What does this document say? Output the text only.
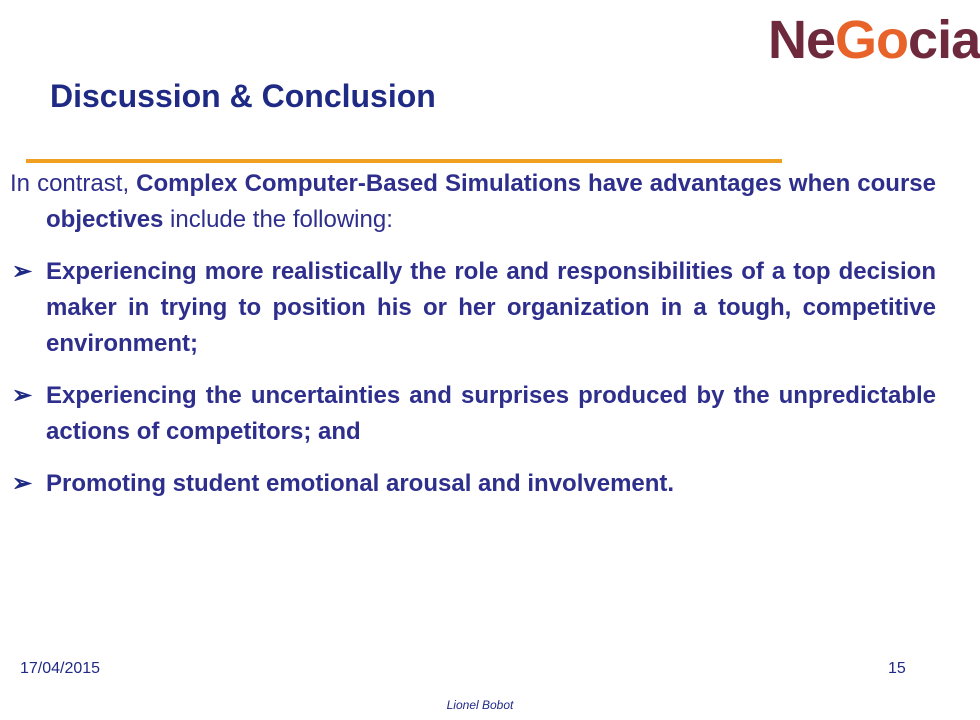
NeGocia
Discussion & Conclusion

In contrast, Complex Computer-Based Simulations have advantages when course objectives include the following:

➢ Experiencing more realistically the role and responsibilities of a top decision maker in trying to position his or her organization in a tough, competitive environment;

➢ Experiencing the uncertainties and surprises produced by the unpredictable actions of competitors; and

➢ Promoting student emotional arousal and involvement.

17/04/2015	15
Lionel Bobot
